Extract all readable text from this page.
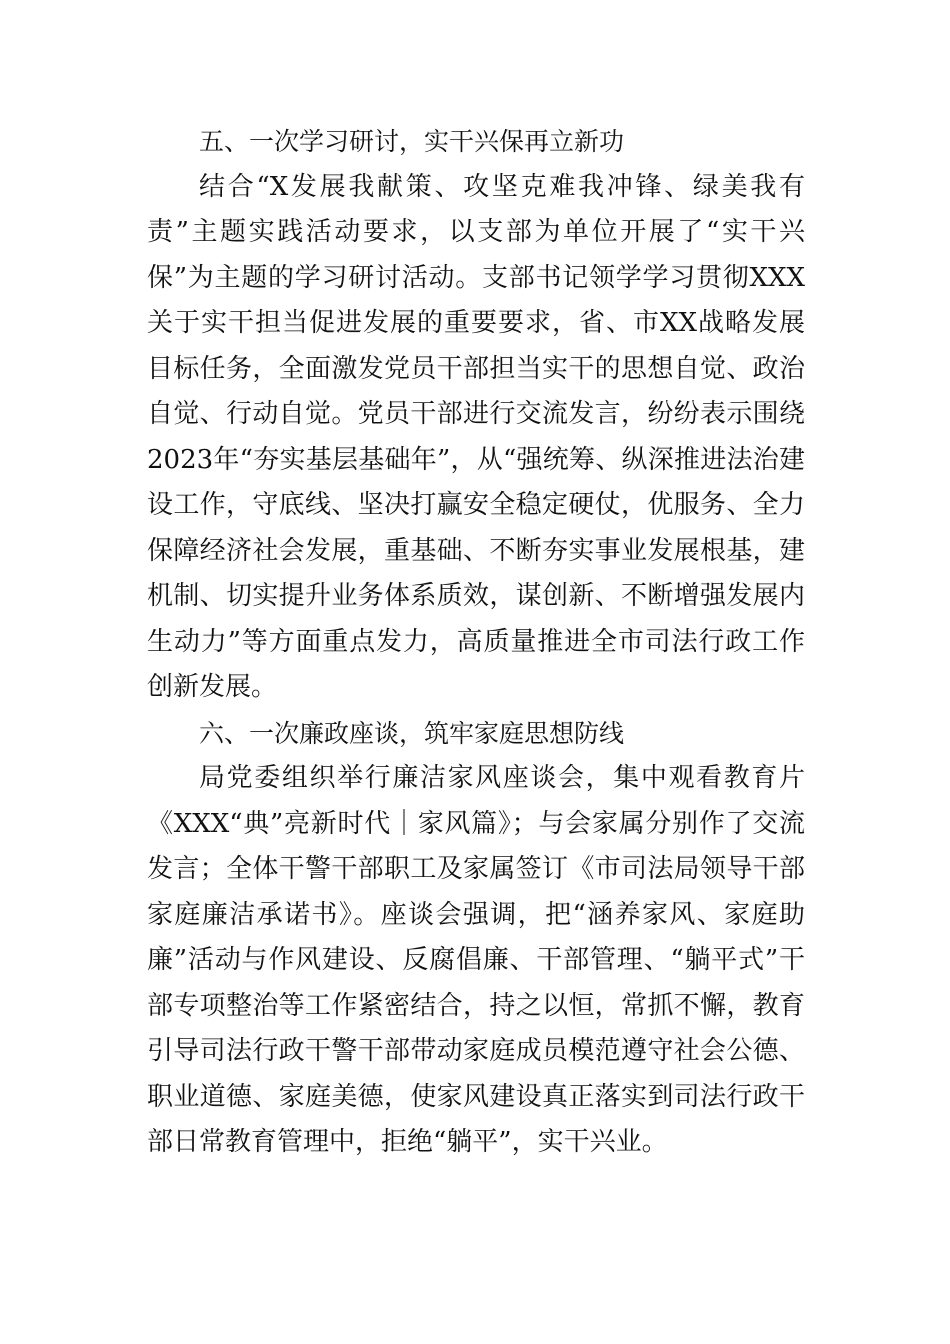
五、一次学习研讨，实干兴保再立新功

结合“X发展我献策、攻坚克难我冲锋、绿美我有责”主题实践活动要求，以支部为单位开展了“实干兴保”为主题的学习研讨活动。支部书记领学学习贯彻XXX关于实干担当促进发展的重要要求，省、市XX战略发展目标任务，全面激发党员干部担当实干的思想自觉、政治自觉、行动自觉。党员干部进行交流发言，纷纷表示围绕2023年“夯实基层基础年”，从“强统筹、纵深推进法治建设工作，守底线、坚决打赢安全稳定硬仗，优服务、全力保障经济社会发展，重基础、不断夯实事业发展根基，建机制、切实提升业务体系质效，谋创新、不断增强发展内生动力”等方面重点发力，高质量推进全市司法行政工作创新发展。

六、一次廉政座谈，筑牢家庭思想防线

局党委组织举行廉洁家风座谈会，集中观看教育片《XXX“典”亮新时代｜家风篇》；与会家属分别作了交流发言；全体干警干部职工及家属签订《市司法局领导干部家庭廉洁承诺书》。座谈会强调，把“涵养家风、家庭助廉”活动与作风建设、反腐倡廉、干部管理、“躺平式”干部专项整治等工作紧密结合，持之以恒，常抓不懈，教育引导司法行政干警干部带动家庭成员模范遵守社会公德、职业道德、家庭美德，使家风建设真正落实到司法行政干部日常教育管理中，拒绝“躺平”，实干兴业。
